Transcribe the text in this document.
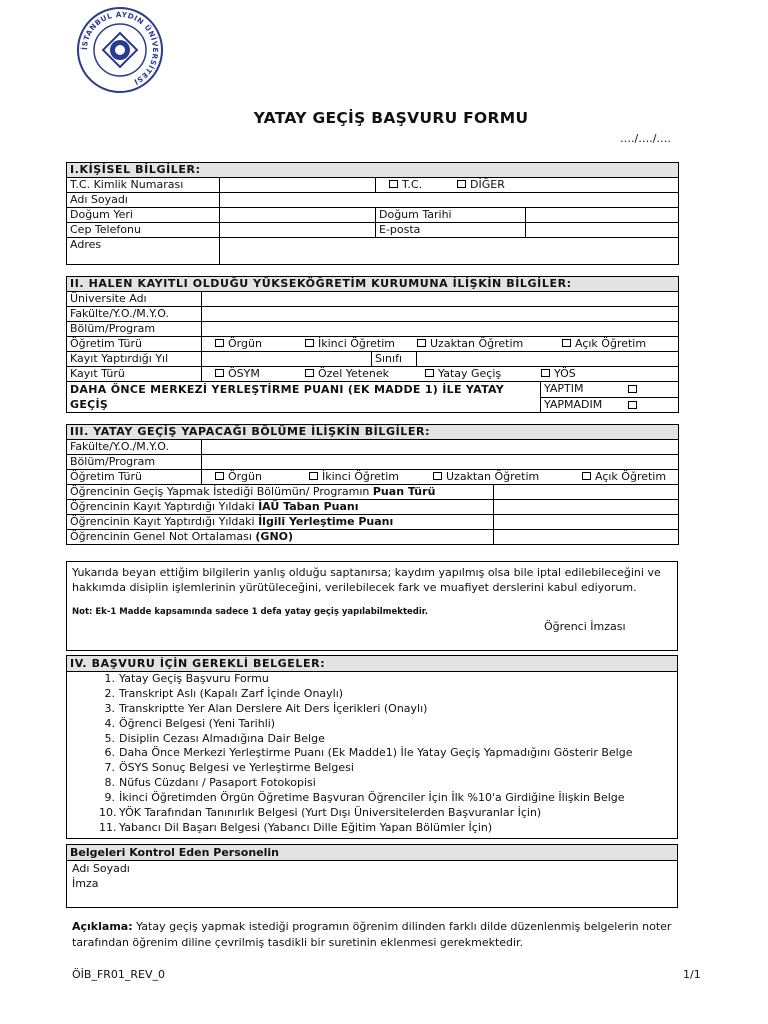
İSTANBUL AYDIN ÜNİVERSİTESİ
YATAY GEÇİŞ BAŞVURU FORMU
…./…./….
I.KİŞİSEL BİLGİLER:			
T.C. Kimlik Numarası		T.C. DİĞER	

Adı Soyadı			
Doğum Yeri		Doğum Tarihi	
Cep Telefonu		E-posta	
Adres			
II. HALEN KAYITLI OLDUĞU YÜKSEKÖĞRETİM KURUMUNA İLİŞKİN BİLGİLER:				
Üniversite Adı				
Fakülte/Y.O./M.Y.O.				
Bölüm/Program				
Öğretim Türü	Örgün İkinci Öğretim Uzaktan Öğretim Açık Öğretim			

Kayıt Yaptırdığı Yıl		Sınıfı		
Kayıt Türü	ÖSYM Özel Yetenek Yatay Geçiş YÖS			

DAHA ÖNCE MERKEZİ YERLEŞTİRME PUANI (EK MADDE 1) İLE YATAY GEÇİŞ				YAPTIM

				YAPMADIM
III. YATAY GEÇİŞ YAPACAĞI BÖLÜME İLİŞKİN BİLGİLER:		
Fakülte/Y.O./M.Y.O.		
Bölüm/Program		
Öğretim Türü	Örgün İkinci Öğretim Uzaktan Öğretim Açık Öğretim	

Öğrencinin Geçiş Yapmak İstediği Bölümün/ Programın Puan Türü		
Öğrencinin Kayıt Yaptırdığı Yıldaki İAÜ Taban Puanı		
Öğrencinin Kayıt Yaptırdığı Yıldaki İlgili Yerleştime Puanı		
Öğrencinin Genel Not Ortalaması (GNO)		
Yukarıda beyan ettiğim bilgilerin yanlış olduğu saptanırsa; kaydım yapılmış olsa bile iptal edilebileceğini ve hakkımda disiplin işlemlerinin yürütüleceğini, verilebilecek fark ve muafiyet derslerini kabul ediyorum.
Not: Ek-1 Madde kapsamında sadece 1 defa yatay geçiş yapılabilmektedir.
Öğrenci İmzası
IV. BAŞVURU İÇİN GEREKLİ BELGELER:
1. Yatay Geçiş Başvuru Formu
2. Transkript Aslı (Kapalı Zarf İçinde Onaylı)
3. Transkriptte Yer Alan Derslere Ait Ders İçerikleri (Onaylı)
4. Öğrenci Belgesi (Yeni Tarihli)
5. Disiplin Cezası Almadığına Dair Belge
6. Daha Önce Merkezi Yerleştirme Puanı (Ek Madde1) İle Yatay Geçiş Yapmadığını Gösterir Belge
7. ÖSYS Sonuç Belgesi ve Yerleştirme Belgesi
8. Nüfus Cüzdanı / Pasaport Fotokopisi
9. İkinci Öğretimden Örgün Öğretime Başvuran Öğrenciler İçin İlk %10'a Girdiğine İlişkin Belge
10. YÖK Tarafından Tanınırlık Belgesi (Yurt Dışı Üniversitelerden Başvuranlar İçin)
11. Yabancı Dil Başarı Belgesi (Yabancı Dille Eğitim Yapan Bölümler İçin)
Belgeleri Kontrol Eden Personelin
Adı Soyadı
İmza
Açıklama: Yatay geçiş yapmak istediği programın öğrenim dilinden farklı dilde düzenlenmiş belgelerin noter tarafından öğrenim diline çevrilmiş tasdikli bir suretinin eklenmesi gerekmektedir.
ÖİB_FR01_REV_0	1/1
